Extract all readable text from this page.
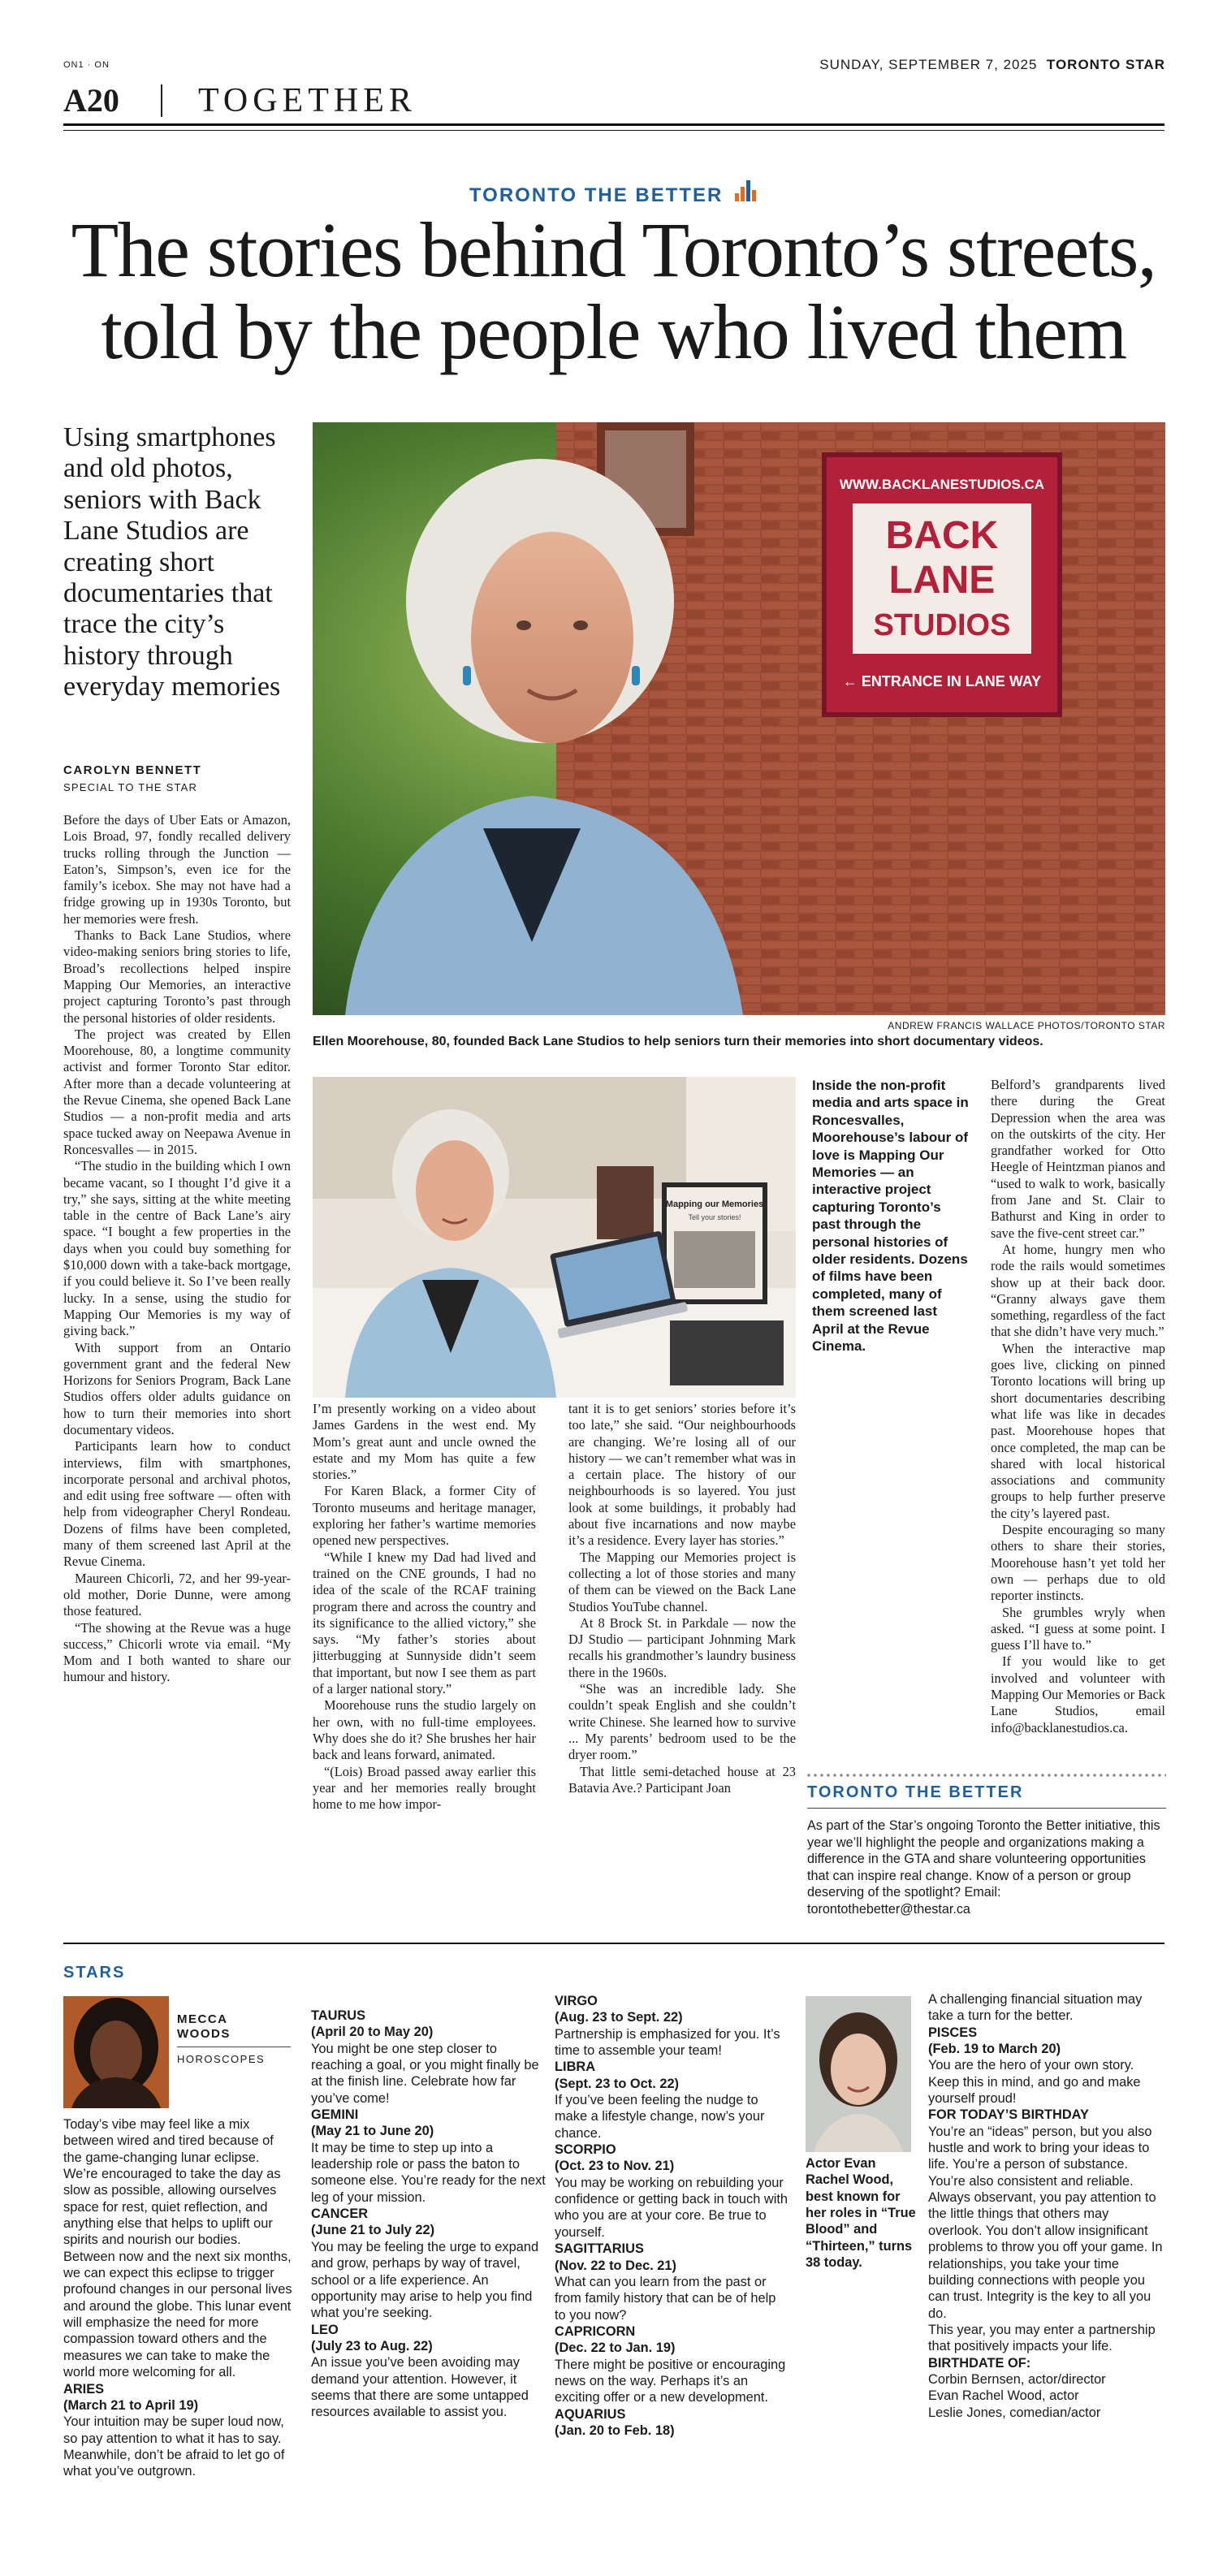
ON1 · ON	SUNDAY, SEPTEMBER 7, 2025 TORONTO STAR
A20 TOGETHER
TORONTO THE BETTER
The stories behind Toronto’s streets, told by the people who lived them
Using smartphones and old photos, seniors with Back Lane Studios are creating short documentaries that trace the city’s history through everyday memories
CAROLYN BENNETT
SPECIAL TO THE STAR
WWW.BACKLANESTUDIOS.CA
BACK
LANE
STUDIOS
← ENTRANCE IN LANE WAY
ANDREW FRANCIS WALLACE PHOTOS/TORONTO STAR
Ellen Moorehouse, 80, founded Back Lane Studios to help seniors turn their memories into short documentary videos.
Mapping our Memories
Tell your stories!

Before the days of Uber Eats or Amazon, Lois Broad, 97, fondly recalled delivery trucks rolling through the Junction — Eaton’s, Simpson’s, even ice for the family’s icebox. She may not have had a fridge growing up in 1930s Toronto, but her memories were fresh.

Thanks to Back Lane Studios, where video-making seniors bring stories to life, Broad’s recollections helped inspire Mapping Our Memories, an interactive project capturing Toronto’s past through the personal histories of older residents.

The project was created by Ellen Moorehouse, 80, a longtime community activist and former Toronto Star editor. After more than a decade volunteering at the Revue Cinema, she opened Back Lane Studios — a non-profit media and arts space tucked away on Neepawa Avenue in Roncesvalles — in 2015.

“The studio in the building which I own became vacant, so I thought I’d give it a try,” she says, sitting at the white meeting table in the centre of Back Lane’s airy space. “I bought a few properties in the days when you could buy something for $10,000 down with a take-back mortgage, if you could believe it. So I’ve been really lucky. In a sense, using the studio for Mapping Our Memories is my way of giving back.”

With support from an Ontario government grant and the federal New Horizons for Seniors Program, Back Lane Studios offers older adults guidance on how to turn their memories into short documentary videos.

Participants learn how to conduct interviews, film with smartphones, incorporate personal and archival photos, and edit using free software — often with help from videographer Cheryl Rondeau. Dozens of films have been completed, many of them screened last April at the Revue Cinema.

Maureen Chicorli, 72, and her 99-year-old mother, Dorie Dunne, were among those featured.

“The showing at the Revue was a huge success,” Chicorli wrote via email. “My Mom and I both wanted to share our humour and history.

I’m presently working on a video about James Gardens in the west end. My Mom’s great aunt and uncle owned the estate and my Mom has quite a few stories.”

For Karen Black, a former City of Toronto museums and heritage manager, exploring her father’s wartime memories opened new perspectives.

“While I knew my Dad had lived and trained on the CNE grounds, I had no idea of the scale of the RCAF training program there and across the country and its significance to the allied victory,” she says. “My father’s stories about jitterbugging at Sunnyside didn’t seem that important, but now I see them as part of a larger national story.”

Moorehouse runs the studio largely on her own, with no full-time employees. Why does she do it? She brushes her hair back and leans forward, animated.

“(Lois) Broad passed away earlier this year and her memories really brought home to me how impor-

tant it is to get seniors’ stories before it’s too late,” she said. “Our neighbourhoods are changing. We’re losing all of our history — we can’t remember what was in a certain place. The history of our neighbourhoods is so layered. You just look at some buildings, it probably had about five incarnations and now maybe it’s a residence. Every layer has stories.”

The Mapping our Memories project is collecting a lot of those stories and many of them can be viewed on the Back Lane Studios YouTube channel.

At 8 Brock St. in Parkdale — now the DJ Studio — participant Johnming Mark recalls his grandmother’s laundry business there in the 1960s.

“She was an incredible lady. She couldn’t speak English and she couldn’t write Chinese. She learned how to survive ... My parents’ bedroom used to be the dryer room.”

That little semi-detached house at 23 Batavia Ave.? Participant Joan

Inside the non-profit media and arts space in Roncesvalles, Moorehouse’s labour of love is Mapping Our Memories — an interactive project capturing Toronto’s past through the personal histories of older residents. Dozens of films have been completed, many of them screened last April at the Revue Cinema.

Belford’s grandparents lived there during the Great Depression when the area was on the outskirts of the city. Her grandfather worked for Otto Heegle of Heintzman pianos and “used to walk to work, basically from Jane and St. Clair to Bathurst and King in order to save the five-cent street car.”

At home, hungry men who rode the rails would sometimes show up at their back door. “Granny always gave them something, regardless of the fact that she didn’t have very much.”

When the interactive map goes live, clicking on pinned Toronto locations will bring up short documentaries describing what life was like in decades past. Moorehouse hopes that once completed, the map can be shared with local historical associations and community groups to help further preserve the city’s layered past.

Despite encouraging so many others to share their stories, Moorehouse hasn’t yet told her own — perhaps due to old reporter instincts.

She grumbles wryly when asked. “I guess at some point. I guess I’ll have to.”

If you would like to get involved and volunteer with Mapping Our Memories or Back Lane Studios, email info@backlanestudios.ca.

TORONTO THE BETTER
As part of the Star’s ongoing Toronto the Better initiative, this year we’ll highlight the people and organizations making a difference in the GTA and share volunteering opportunities that can inspire real change. Know of a person or group deserving of the spotlight? Email: torontothebetter@thestar.ca
STARS
MECCA
WOODS
HOROSCOPES
Today’s vibe may feel like a mix between wired and tired because of the game-changing lunar eclipse. We’re encouraged to take the day as slow as possible, allowing ourselves space for rest, quiet reflection, and anything else that helps to uplift our spirits and nourish our bodies. Between now and the next six months, we can expect this eclipse to trigger profound changes in our personal lives and around the globe. This lunar event will emphasize the need for more compassion toward others and the measures we can take to make the world more welcoming for all.
ARIES
(March 21 to April 19)
Your intuition may be super loud now, so pay attention to what it has to say. Meanwhile, don’t be afraid to let go of what you’ve outgrown.
TAURUS
(April 20 to May 20)
You might be one step closer to reaching a goal, or you might finally be at the finish line. Celebrate how far you’ve come!
GEMINI
(May 21 to June 20)
It may be time to step up into a leadership role or pass the baton to someone else. You’re ready for the next leg of your mission.
CANCER
(June 21 to July 22)
You may be feeling the urge to expand and grow, perhaps by way of travel, school or a life experience. An opportunity may arise to help you find what you’re seeking.
LEO
(July 23 to Aug. 22)
An issue you’ve been avoiding may demand your attention. However, it seems that there are some untapped resources available to assist you.
VIRGO
(Aug. 23 to Sept. 22)
Partnership is emphasized for you. It’s time to assemble your team!
LIBRA
(Sept. 23 to Oct. 22)
If you’ve been feeling the nudge to make a lifestyle change, now’s your chance.
SCORPIO
(Oct. 23 to Nov. 21)
You may be working on rebuilding your confidence or getting back in touch with who you are at your core. Be true to yourself.
SAGITTARIUS
(Nov. 22 to Dec. 21)
What can you learn from the past or from family history that can be of help to you now?
CAPRICORN
(Dec. 22 to Jan. 19)
There might be positive or encouraging news on the way. Perhaps it’s an exciting offer or a new development.
AQUARIUS
(Jan. 20 to Feb. 18)
Actor Evan Rachel Wood, best known for her roles in “True Blood” and “Thirteen,” turns 38 today.
A challenging financial situation may take a turn for the better.
PISCES
(Feb. 19 to March 20)
You are the hero of your own story. Keep this in mind, and go and make yourself proud!
FOR TODAY’S BIRTHDAY
You’re an “ideas” person, but you also hustle and work to bring your ideas to life. You’re a person of substance. You’re also consistent and reliable. Always observant, you pay attention to the little things that others may overlook. You don’t allow insignificant problems to throw you off your game. In relationships, you take your time building connections with people you can trust. Integrity is the key to all you do.
This year, you may enter a partnership that positively impacts your life.
BIRTHDATE OF:
Corbin Bernsen, actor/director
Evan Rachel Wood, actor
Leslie Jones, comedian/actor
